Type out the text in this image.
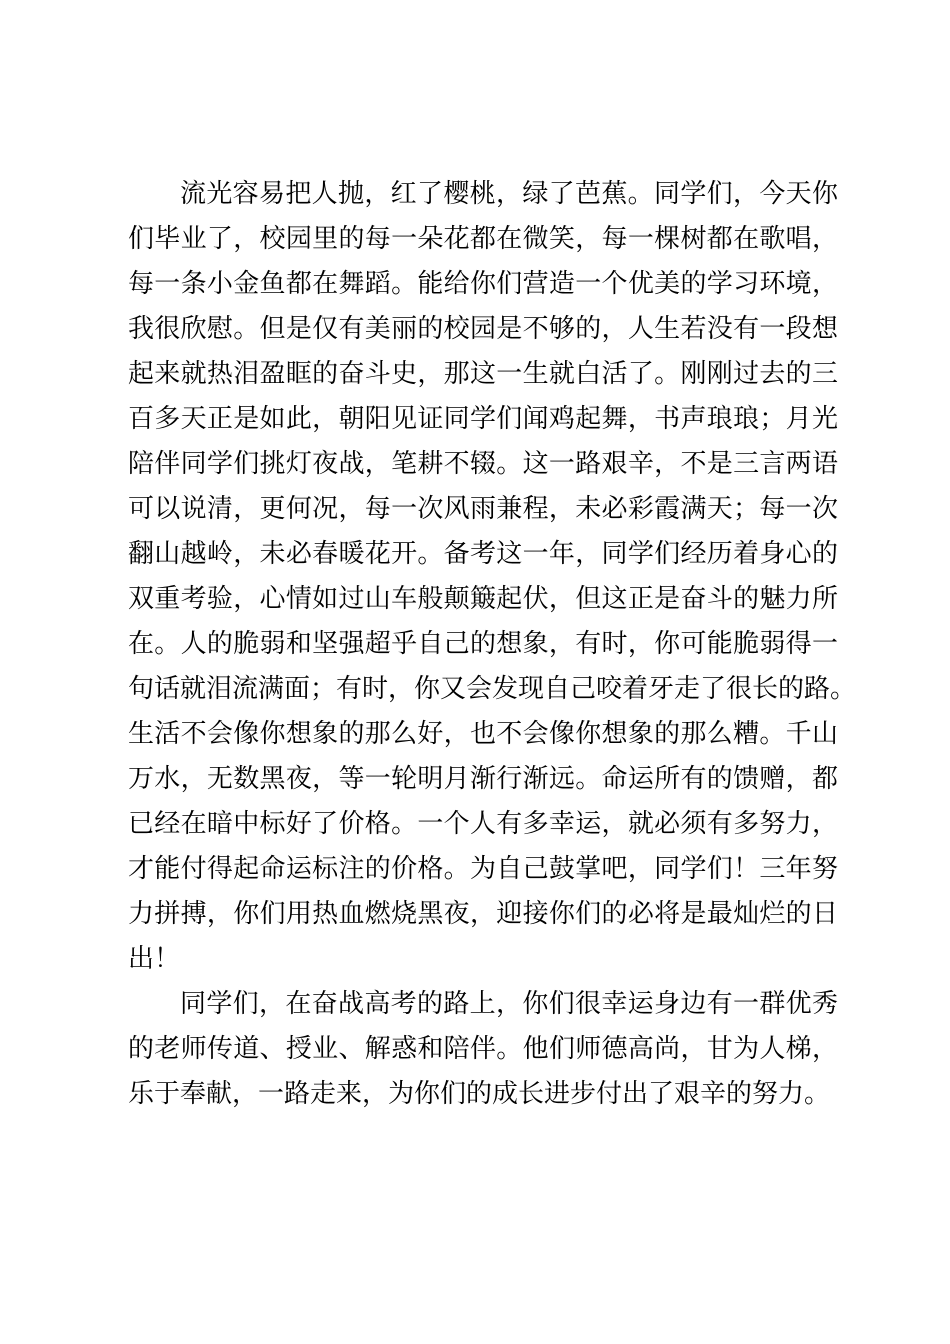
流光容易把人抛，红了樱桃，绿了芭蕉。同学们，今天你
们毕业了，校园里的每一朵花都在微笑，每一棵树都在歌唱，
每一条小金鱼都在舞蹈。能给你们营造一个优美的学习环境，
我很欣慰。但是仅有美丽的校园是不够的，人生若没有一段想
起来就热泪盈眶的奋斗史，那这一生就白活了。刚刚过去的三
百多天正是如此，朝阳见证同学们闻鸡起舞，书声琅琅；月光
陪伴同学们挑灯夜战，笔耕不辍。这一路艰辛，不是三言两语
可以说清，更何况，每一次风雨兼程，未必彩霞满天；每一次
翻山越岭，未必春暖花开。备考这一年，同学们经历着身心的
双重考验，心情如过山车般颠簸起伏，但这正是奋斗的魅力所
在。人的脆弱和坚强超乎自己的想象，有时，你可能脆弱得一
句话就泪流满面；有时，你又会发现自己咬着牙走了很长的路。
生活不会像你想象的那么好，也不会像你想象的那么糟。千山
万水，无数黑夜，等一轮明月渐行渐远。命运所有的馈赠，都
已经在暗中标好了价格。一个人有多幸运，就必须有多努力，
才能付得起命运标注的价格。为自己鼓掌吧，同学们！三年努
力拼搏，你们用热血燃烧黑夜，迎接你们的必将是最灿烂的日
出！
同学们，在奋战高考的路上，你们很幸运身边有一群优秀
的老师传道、授业、解惑和陪伴。他们师德高尚，甘为人梯，
乐于奉献，一路走来，为你们的成长进步付出了艰辛的努力。
